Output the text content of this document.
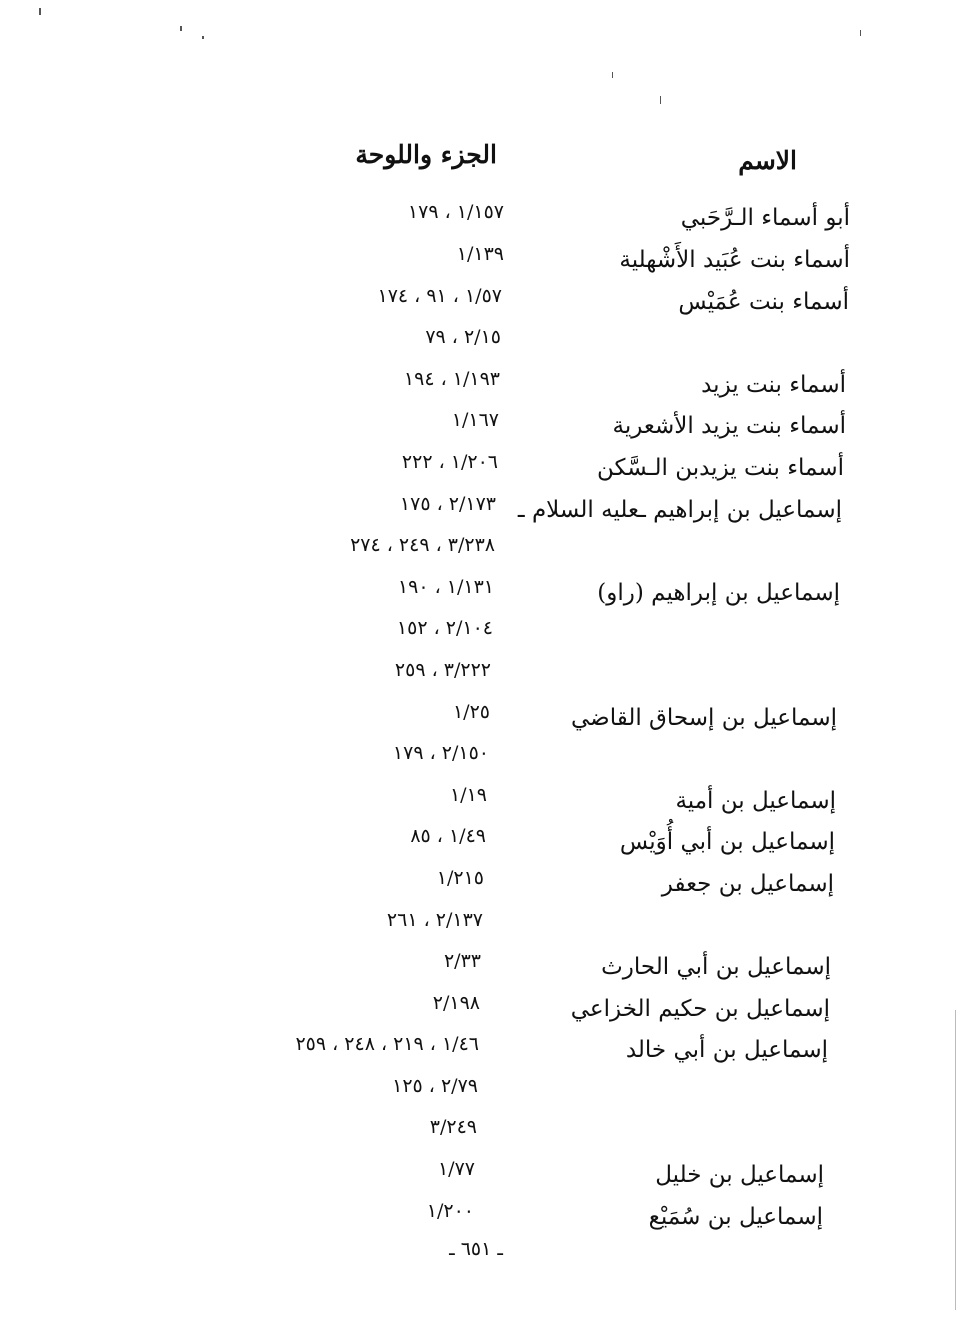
الاسم
الجزء واللوحة
أبو أسماء الـرَّحَبي
١/١٥٧ ، ١٧٩
أسماء بنت عُبَيد الأَشْهلية
١/١٣٩
أسماء بنت عُمَيْس
١/٥٧ ، ٩١ ، ١٧٤
٢/١٥ ، ٧٩
أسماء بنت يزيد
١/١٩٣ ، ١٩٤
أسماء بنت يزيد الأشعرية
١/١٦٧
أسماء بنت يزيدبن الـسَّكن
١/٢٠٦ ، ٢٢٢
إسماعيل بن إبراهيم ـعليه السلام ـ
٢/١٧٣ ، ١٧٥
٣/٢٣٨ ، ٢٤٩ ، ٢٧٤
إسماعيل بن إبراهيم (راو)
١/١٣١ ، ١٩٠
٢/١٠٤ ، ١٥٢
٣/٢٢٢ ، ٢٥٩
إسماعيل بن إسحاق القاضي
١/٢٥
٢/١٥٠ ، ١٧٩
إسماعيل بن أمية
١/١٩
إسماعيل بن أبي أُوَيْس
١/٤٩ ، ٨٥
إسماعيل بن جعفر
١/٢١٥
٢/١٣٧ ، ٢٦١
إسماعيل بن أبي الحارث
٢/٣٣
إسماعيل بن حكيم الخزاعي
٢/١٩٨
إسماعيل بن أبي خالد
١/٤٦ ، ٢١٩ ، ٢٤٨ ، ٢٥٩
٢/٧٩ ، ١٢٥
٣/٢٤٩
إسماعيل بن خليل
١/٧٧
إسماعيل بن سُمَيْع
١/٢٠٠
ـ ٦٥١ ـ
